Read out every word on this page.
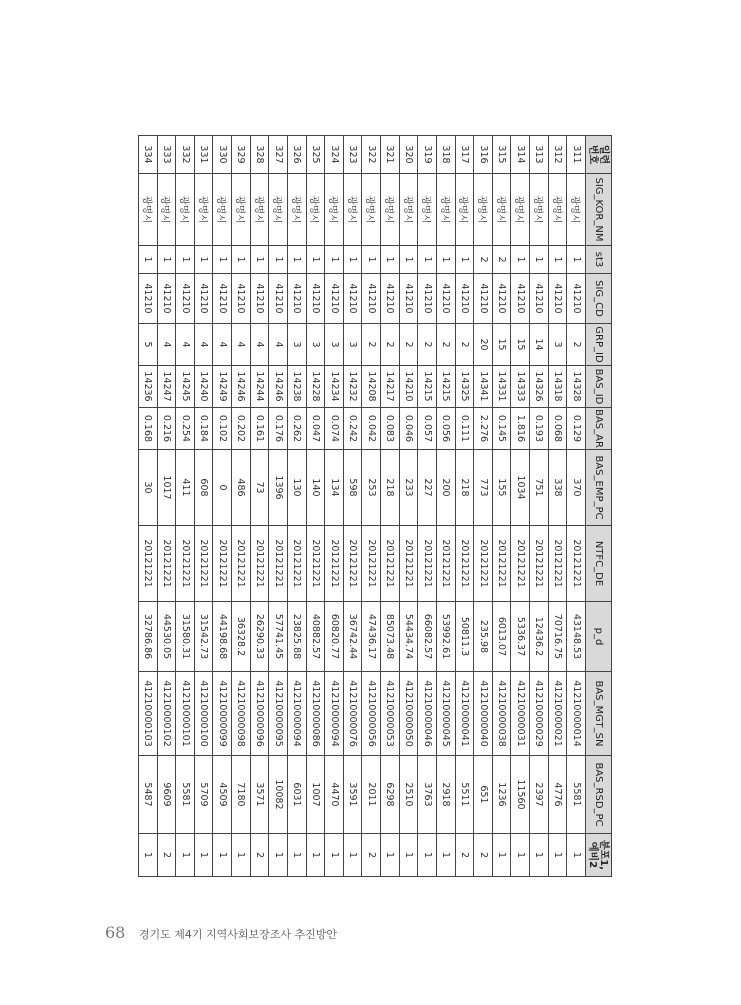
일련
번호	SIG_KOR_NM	st3	SIG_CD	GRP_ID	BAS_ID	BAS_AR	BAS_EMP_PC	NTFC_DE	p_d	BAS_MGT_SN	BAS_RSD_PC	분포1,
예비2
311	광명시	1	41210	2	14328	0.129	370	20121221	43148.53	41210000014	5581	1
312	광명시	1	41210	3	14318	0.068	338	20121221	70716.75	41210000021	4776	1
313	광명시	1	41210	14	14326	0.193	751	20121221	12436.2	41210000029	2397	1
314	광명시	1	41210	15	14333	1.816	1034	20121221	5336.37	41210000031	11560	1
315	광명시	2	41210	15	14331	0.145	155	20121221	6013.07	41210000038	1236	1
316	광명시	2	41210	20	14341	2.276	773	20121221	235.98	41210000040	651	2
317	광명시	1	41210	2	14325	0.111	218	20121221	50811.3	41210000041	5511	2
318	광명시	1	41210	2	14215	0.056	200	20121221	53992.61	41210000045	2918	1
319	광명시	1	41210	2	14215	0.057	227	20121221	66082.57	41210000046	3763	1
320	광명시	1	41210	2	14210	0.046	233	20121221	54434.74	41210000050	2510	1
321	광명시	1	41210	2	14217	0.083	218	20121221	85073.48	41210000053	6298	1
322	광명시	1	41210	2	14208	0.042	253	20121221	47436.17	41210000056	2011	2
323	광명시	1	41210	3	14232	0.242	598	20121221	36742.44	41210000076	3591	1
324	광명시	1	41210	3	14234	0.074	134	20121221	60820.77	41210000094	4470	1
325	광명시	1	41210	3	14228	0.047	140	20121221	40882.57	41210000086	1007	1
326	광명시	1	41210	3	14238	0.262	130	20121221	23825.88	41210000094	6031	1
327	광명시	1	41210	4	14246	0.176	1396	20121221	57741.45	41210000095	10082	1
328	광명시	1	41210	4	14244	0.161	73	20121221	26290.33	41210000096	3571	2
329	광명시	1	41210	4	14246	0.202	486	20121221	36328.2	41210000098	7180	1
330	광명시	1	41210	4	14249	0.102	0	20121221	44198.68	41210000099	4509	1
331	광명시	1	41210	4	14240	0.184	608	20121221	31542.73	41210000100	5709	1
332	광명시	1	41210	4	14245	0.254	411	20121221	31580.31	41210000101	5581	1
333	광명시	1	41210	4	14247	0.216	1017	20121221	44530.05	41210000102	9609	2
334	광명시	1	41210	5	14236	0.168	30	20121221	32786.86	41210000103	5487	1
68 경기도 제4기 지역사회보장조사 추진방안
